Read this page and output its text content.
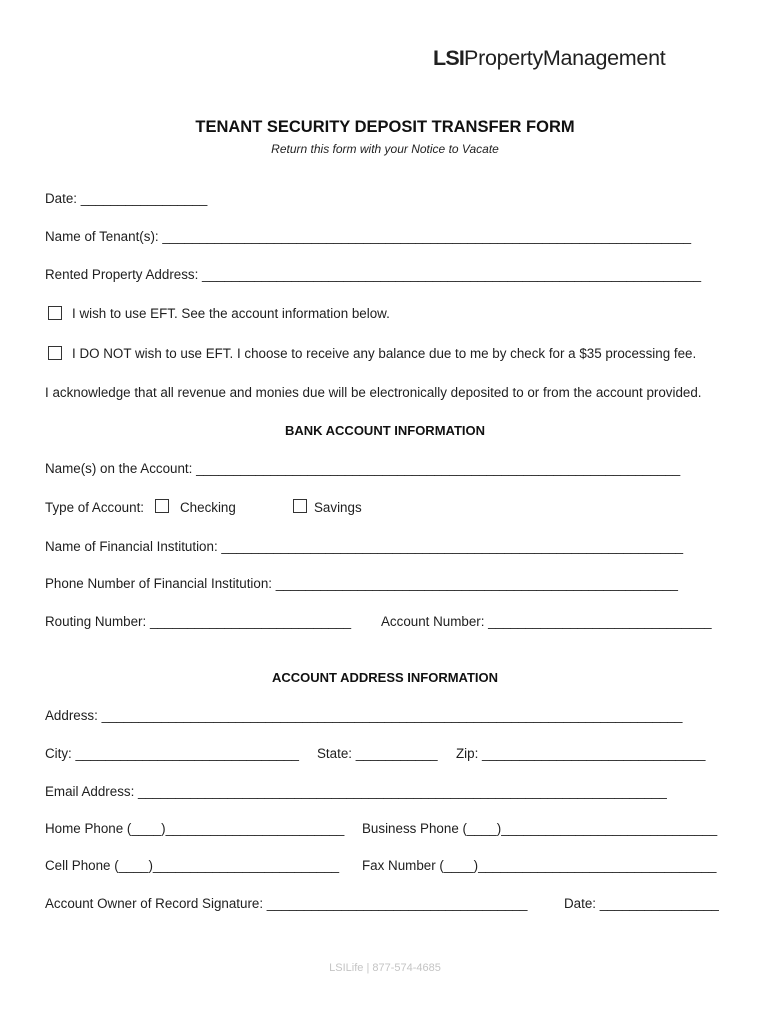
LSIPropertyManagement
TENANT SECURITY DEPOSIT TRANSFER FORM
Return this form with your Notice to Vacate
Date: _________________
Name of Tenant(s): _______________________________________________________________________
Rented Property Address: ___________________________________________________________________
I wish to use EFT. See the account information below.
I DO NOT wish to use EFT. I choose to receive any balance due to me by check for a $35 processing fee.
I acknowledge that all revenue and monies due will be electronically deposited to or from the account provided.
BANK ACCOUNT INFORMATION
Name(s) on the Account: _________________________________________________________________
Type of Account:	Checking	Savings
Name of Financial Institution: ______________________________________________________________
Phone Number of Financial Institution: ______________________________________________________
Routing Number: ___________________________ Account Number: ______________________________
ACCOUNT ADDRESS INFORMATION
Address: ______________________________________________________________________________
City: ______________________________ State: ___________ Zip: ______________________________
Email Address: _______________________________________________________________________
Home Phone (____)________________________ Business Phone (____)_____________________________
Cell Phone (____)_________________________ Fax Number (____)________________________________
Account Owner of Record Signature: ___________________________________	Date: ________________
LSILife | 877-574-4685
